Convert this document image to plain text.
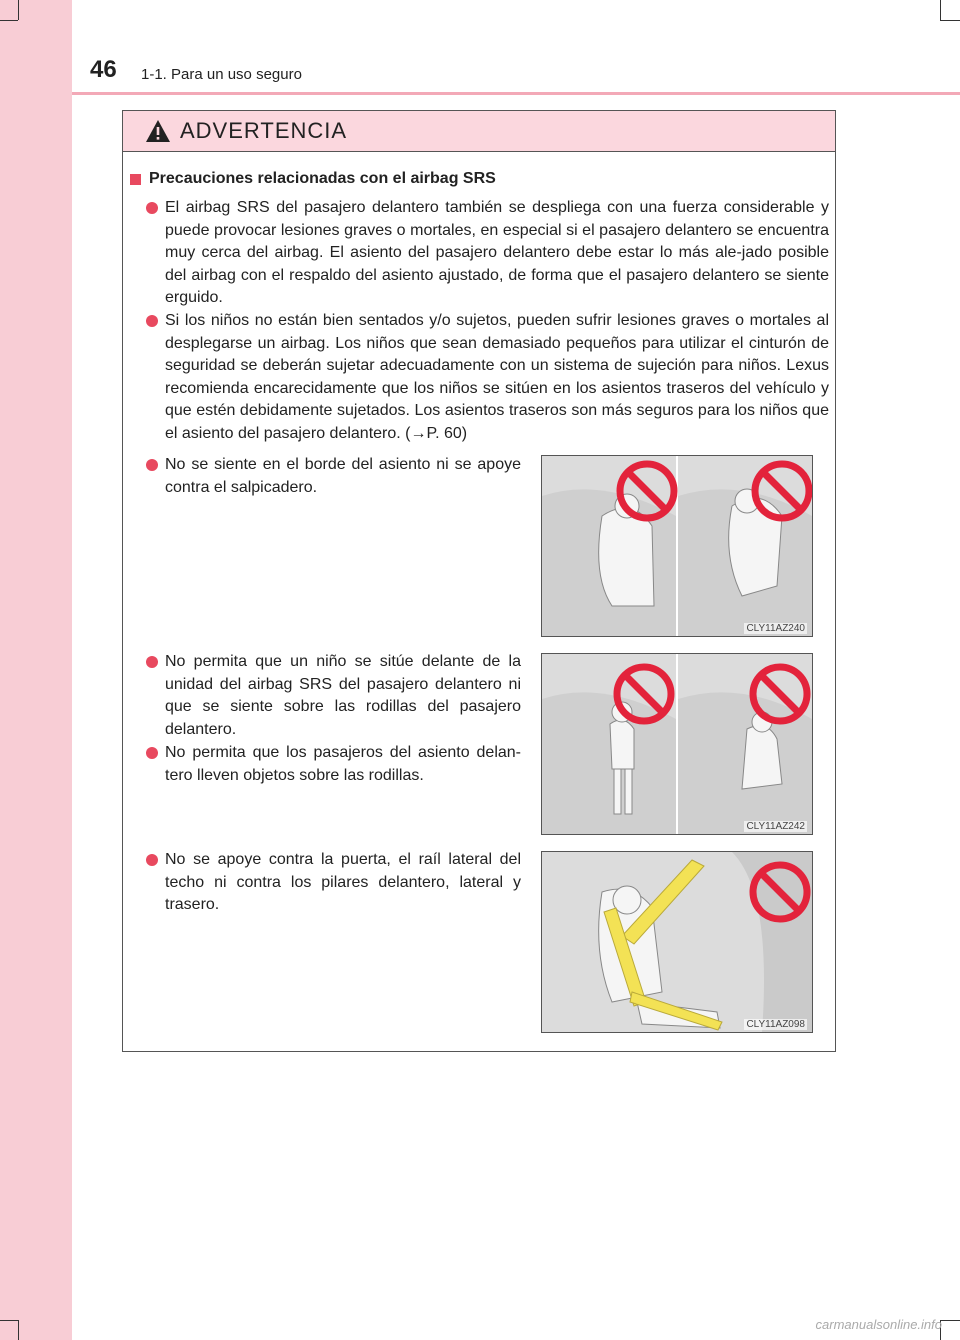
46 1-1. Para un uso seguro
ADVERTENCIA
Precauciones relacionadas con el airbag SRS
El airbag SRS del pasajero delantero también se despliega con una fuerza considerable y puede provocar lesiones graves o mortales, en especial si el pasajero delantero se encuentra muy cerca del airbag. El asiento del pasajero delantero debe estar lo más ale-jado posible del airbag con el respaldo del asiento ajustado, de forma que el pasajero delantero se siente erguido.
Si los niños no están bien sentados y/o sujetos, pueden sufrir lesiones graves o mortales al desplegarse un airbag. Los niños que sean demasiado pequeños para utilizar el cinturón de seguridad se deberán sujetar adecuadamente con un sistema de sujeción para niños. Lexus recomienda encarecidamente que los niños se sitúen en los asientos traseros del vehículo y que estén debidamente sujetados. Los asientos traseros son más seguros para los niños que el asiento del pasajero delantero. (→P. 60)
No se siente en el borde del asiento ni se apoye contra el salpicadero.
No permita que un niño se sitúe delante de la unidad del airbag SRS del pasajero delantero ni que se siente sobre las rodillas del pasajero delantero.
No permita que los pasajeros del asiento delan-tero lleven objetos sobre las rodillas.
No se apoye contra la puerta, el raíl lateral del techo ni contra los pilares delantero, lateral y trasero.
CLY11AZ240
CLY11AZ242
CLY11AZ098
carmanualsonline.info
